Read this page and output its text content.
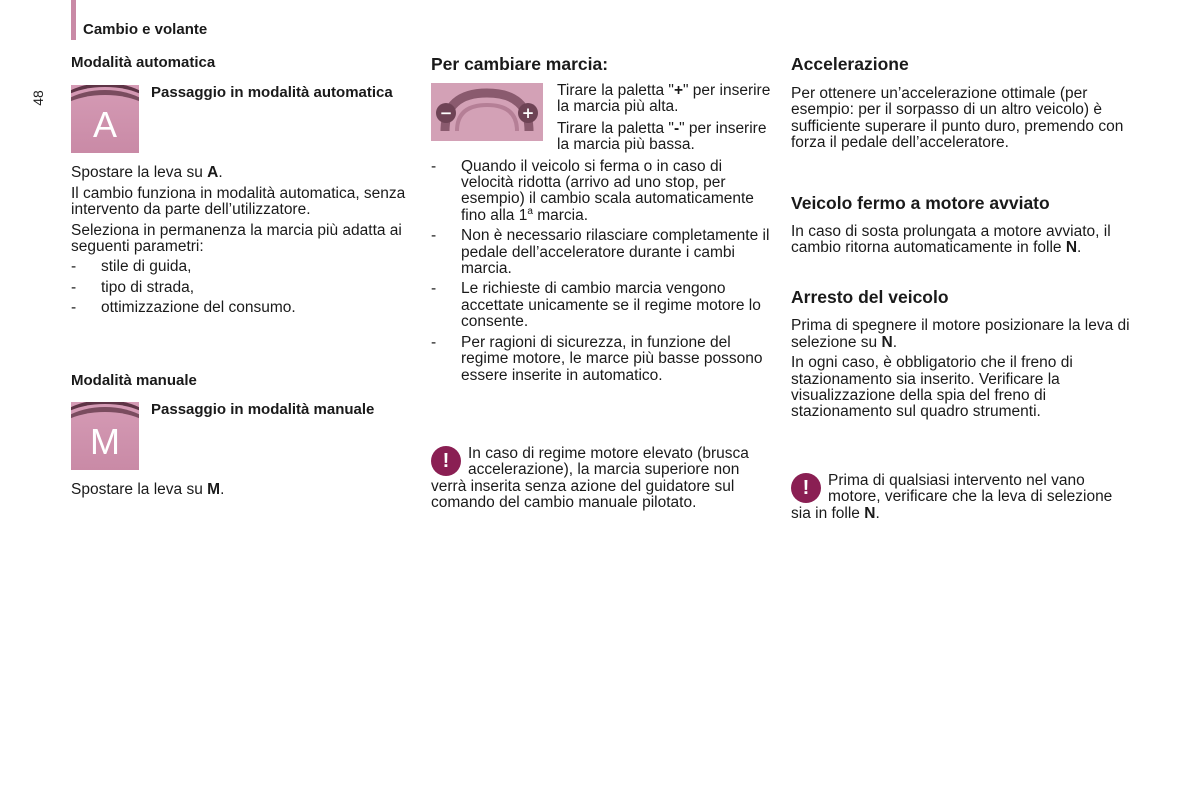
Cambio e volante
48

Modalità automatica

A
Passaggio in modalità automatica

Spostare la leva su A.

Il cambio funziona in modalità automatica, senza intervento da parte dell’utilizzatore.

Seleziona in permanenza la marcia più adatta ai seguenti parametri:

- stile di guida,
- tipo di strada,
- ottimizzazione del consumo.

Modalità manuale

M
Passaggio in modalità manuale

Spostare la leva su M.

Per cambiare marcia:

−	+

Tirare la paletta "+" per inserire la marcia più alta.

Tirare la paletta "-" per inserire la marcia più bassa.

- Quando il veicolo si ferma o in caso di velocità ridotta (arrivo ad uno stop, per esempio) il cambio scala automaticamente fino alla 1$^a$ marcia.
- Non è necessario rilasciare completamente il pedale dell’acceleratore durante i cambi marcia.
- Le richieste di cambio marcia vengono accettate unicamente se il regime motore lo consente.
- Per ragioni di sicurezza, in funzione del regime motore, le marce più basse possono essere inserite in automatico.
!	In caso di regime motore elevato (brusca accelerazione), la marcia superiore non verrà inserita senza azione del guidatore sul comando del cambio manuale pilotato.

Accelerazione

Per ottenere un’accelerazione ottimale (per esempio: per il sorpasso di un altro veicolo) è sufficiente superare il punto duro, premendo con forza il pedale dell’acceleratore.

Veicolo fermo a motore avviato

In caso di sosta prolungata a motore avviato, il cambio ritorna automaticamente in folle N.

Arresto del veicolo

Prima di spegnere il motore posizionare la leva di selezione su N.

In ogni caso, è obbligatorio che il freno di stazionamento sia inserito. Verificare la visualizzazione della spia del freno di stazionamento sul quadro strumenti.

!	Prima di qualsiasi intervento nel vano motore, verificare che la leva di selezione sia in folle N.
